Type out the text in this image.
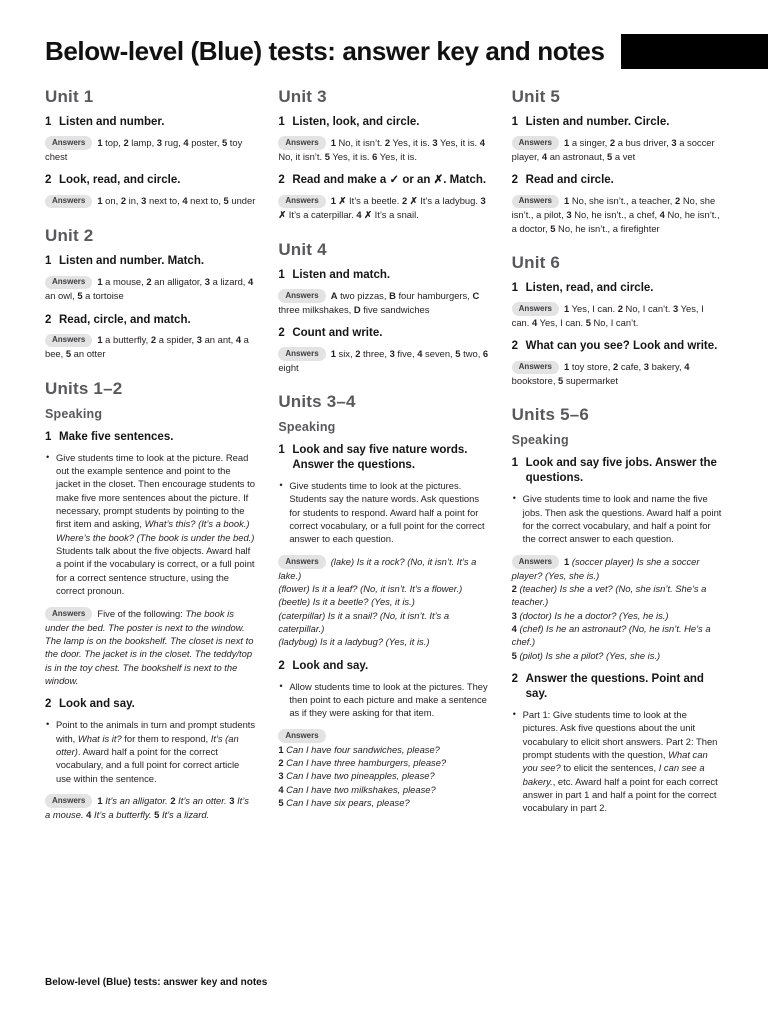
Below-level (Blue) tests: answer key and notes
Unit 1
1 Listen and number.
Answers 1 top, 2 lamp, 3 rug, 4 poster, 5 toy chest
2 Look, read, and circle.
Answers 1 on, 2 in, 3 next to, 4 next to, 5 under
Unit 2
1 Listen and number. Match.
Answers 1 a mouse, 2 an alligator, 3 a lizard, 4 an owl, 5 a tortoise
2 Read, circle, and match.
Answers 1 a butterfly, 2 a spider, 3 an ant, 4 a bee, 5 an otter
Units 1–2
Speaking
1 Make five sentences.
• Give students time to look at the picture. Read out the example sentence and point to the jacket in the closet. Then encourage students to make five more sentences about the picture. If necessary, prompt students by pointing to the first item and asking, What’s this? (It’s a book.) Where’s the book? (The book is under the bed.) Students talk about the five objects. Award half a point if the vocabulary is correct, or a full point for a correct sentence structure, using the correct pronoun.
Answers Five of the following: The book is under the bed. The poster is next to the window. The lamp is on the bookshelf. The closet is next to the door. The jacket is in the closet. The teddy/top is in the toy chest. The bookshelf is next to the window.
2 Look and say.
• Point to the animals in turn and prompt students with, What is it? for them to respond, It’s (an otter). Award half a point for the correct vocabulary, and a full point for correct article use within the sentence.
Answers 1 It’s an alligator. 2 It’s an otter. 3 It’s a mouse. 4 It’s a butterfly. 5 It’s a lizard.
Unit 3
1 Listen, look, and circle.
Answers 1 No, it isn’t. 2 Yes, it is. 3 Yes, it is. 4 No, it isn’t. 5 Yes, it is. 6 Yes, it is.
2 Read and make a ✓ or an ✗. Match.
Answers 1 ✗ It’s a beetle. 2 ✗ It’s a ladybug. 3 ✗ It’s a caterpillar. 4 ✗ It’s a snail.
Unit 4
1 Listen and match.
Answers A two pizzas, B four hamburgers, C three milkshakes, D five sandwiches
2 Count and write.
Answers 1 six, 2 three, 3 five, 4 seven, 5 two, 6 eight
Units 3–4
Speaking
1 Look and say five nature words. Answer the questions.
• Give students time to look at the pictures. Students say the nature words. Ask questions for students to respond. Award half a point for correct vocabulary, or a full point for the correct answer to each question.
Answers (lake) Is it a rock? (No, it isn’t. It’s a lake.)
(flower) Is it a leaf? (No, it isn’t. It’s a flower.)
(beetle) Is it a beetle? (Yes, it is.)
(caterpillar) Is it a snail? (No, it isn’t. It’s a caterpillar.)
(ladybug) Is it a ladybug? (Yes, it is.)
2 Look and say.
• Allow students time to look at the pictures. They then point to each picture and make a sentence as if they were asking for that item.
Answers
1 Can I have four sandwiches, please?
2 Can I have three hamburgers, please?
3 Can I have two pineapples, please?
4 Can I have two milkshakes, please?
5 Can I have six pears, please?
Unit 5
1 Listen and number. Circle.
Answers 1 a singer, 2 a bus driver, 3 a soccer player, 4 an astronaut, 5 a vet
2 Read and circle.
Answers 1 No, she isn’t., a teacher, 2 No, she isn’t., a pilot, 3 No, he isn’t., a chef, 4 No, he isn’t., a doctor, 5 No, he isn’t., a firefighter
Unit 6
1 Listen, read, and circle.
Answers 1 Yes, I can. 2 No, I can’t. 3 Yes, I can. 4 Yes, I can. 5 No, I can’t.
2 What can you see? Look and write.
Answers 1 toy store, 2 cafe, 3 bakery, 4 bookstore, 5 supermarket
Units 5–6
Speaking
1 Look and say five jobs. Answer the questions.
• Give students time to look and name the five jobs. Then ask the questions. Award half a point for the correct vocabulary, and half a point for the correct answer to each question.
Answers 1 (soccer player) Is she a soccer player? (Yes, she is.)
2 (teacher) Is she a vet? (No, she isn’t. She’s a teacher.)
3 (doctor) Is he a doctor? (Yes, he is.)
4 (chef) Is he an astronaut? (No, he isn’t. He’s a chef.)
5 (pilot) Is she a pilot? (Yes, she is.)
2 Answer the questions. Point and say.
• Part 1: Give students time to look at the pictures. Ask five questions about the unit vocabulary to elicit short answers. Part 2: Then prompt students with the question, What can you see? to elicit the sentences, I can see a bakery., etc. Award half a point for each correct answer in part 1 and half a point for the correct vocabulary in part 2.
Below-level (Blue) tests: answer key and notes
